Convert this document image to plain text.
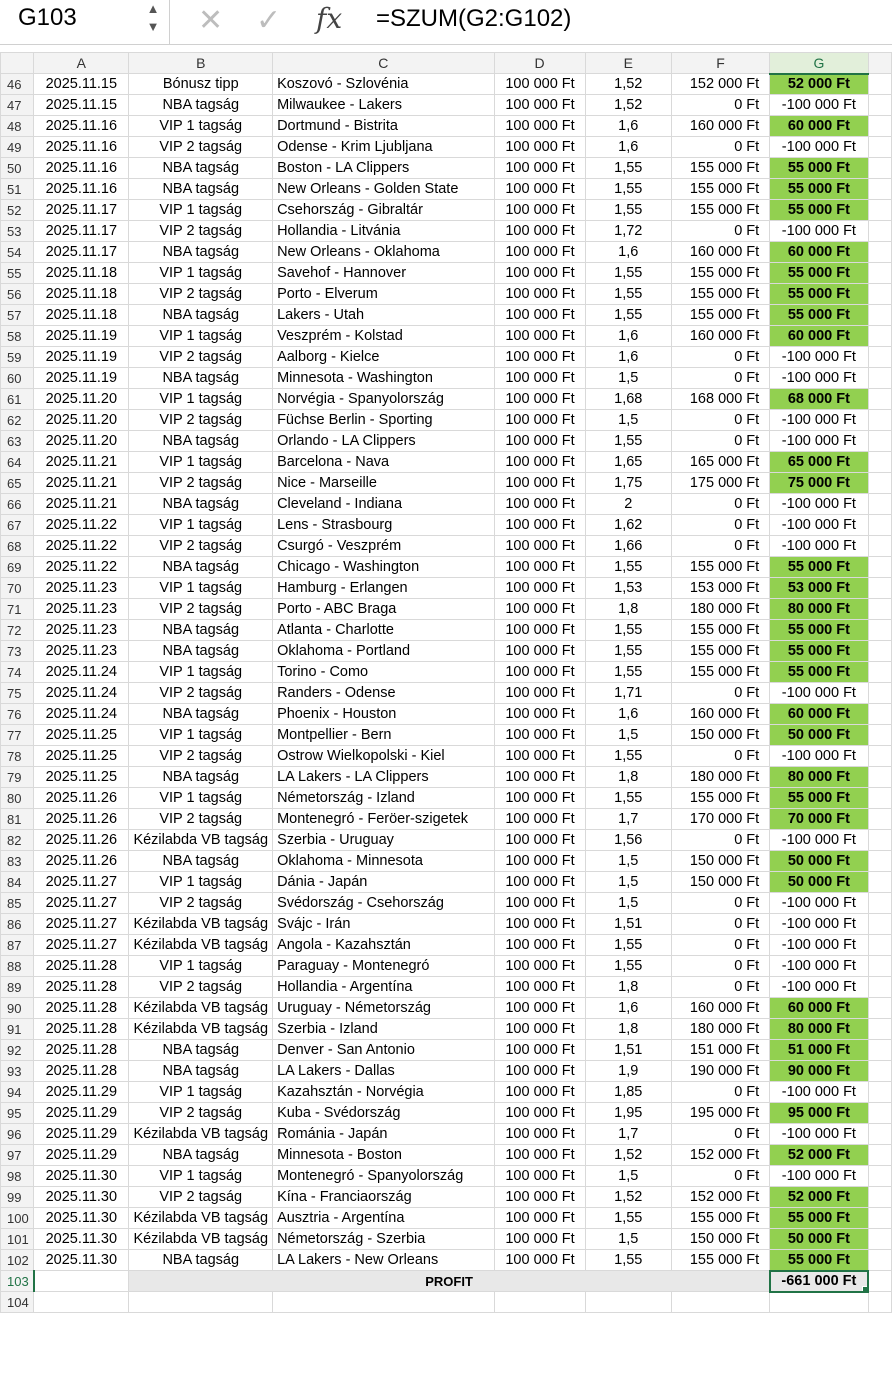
G103	▲
▼ ✕ ✓ fx =SZUM(G2:G102)
	A	B	C	D	E	F	G	
46	2025.11.15	Bónusz tipp	Koszovó - Szlovénia	100 000 Ft	1,52	152 000 Ft	52 000 Ft	
47	2025.11.15	NBA tagság	Milwaukee - Lakers	100 000 Ft	1,52	0 Ft	-100 000 Ft	
48	2025.11.16	VIP 1 tagság	Dortmund - Bistrita	100 000 Ft	1,6	160 000 Ft	60 000 Ft	
49	2025.11.16	VIP 2 tagság	Odense - Krim Ljubljana	100 000 Ft	1,6	0 Ft	-100 000 Ft	
50	2025.11.16	NBA tagság	Boston - LA Clippers	100 000 Ft	1,55	155 000 Ft	55 000 Ft	
51	2025.11.16	NBA tagság	New Orleans - Golden State	100 000 Ft	1,55	155 000 Ft	55 000 Ft	
52	2025.11.17	VIP 1 tagság	Csehország - Gibraltár	100 000 Ft	1,55	155 000 Ft	55 000 Ft	
53	2025.11.17	VIP 2 tagság	Hollandia - Litvánia	100 000 Ft	1,72	0 Ft	-100 000 Ft	
54	2025.11.17	NBA tagság	New Orleans - Oklahoma	100 000 Ft	1,6	160 000 Ft	60 000 Ft	
55	2025.11.18	VIP 1 tagság	Savehof - Hannover	100 000 Ft	1,55	155 000 Ft	55 000 Ft	
56	2025.11.18	VIP 2 tagság	Porto - Elverum	100 000 Ft	1,55	155 000 Ft	55 000 Ft	
57	2025.11.18	NBA tagság	Lakers - Utah	100 000 Ft	1,55	155 000 Ft	55 000 Ft	
58	2025.11.19	VIP 1 tagság	Veszprém - Kolstad	100 000 Ft	1,6	160 000 Ft	60 000 Ft	
59	2025.11.19	VIP 2 tagság	Aalborg - Kielce	100 000 Ft	1,6	0 Ft	-100 000 Ft	
60	2025.11.19	NBA tagság	Minnesota - Washington	100 000 Ft	1,5	0 Ft	-100 000 Ft	
61	2025.11.20	VIP 1 tagság	Norvégia - Spanyolország	100 000 Ft	1,68	168 000 Ft	68 000 Ft	
62	2025.11.20	VIP 2 tagság	Füchse Berlin - Sporting	100 000 Ft	1,5	0 Ft	-100 000 Ft	
63	2025.11.20	NBA tagság	Orlando - LA Clippers	100 000 Ft	1,55	0 Ft	-100 000 Ft	
64	2025.11.21	VIP 1 tagság	Barcelona - Nava	100 000 Ft	1,65	165 000 Ft	65 000 Ft	
65	2025.11.21	VIP 2 tagság	Nice - Marseille	100 000 Ft	1,75	175 000 Ft	75 000 Ft	
66	2025.11.21	NBA tagság	Cleveland - Indiana	100 000 Ft	2	0 Ft	-100 000 Ft	
67	2025.11.22	VIP 1 tagság	Lens - Strasbourg	100 000 Ft	1,62	0 Ft	-100 000 Ft	
68	2025.11.22	VIP 2 tagság	Csurgó - Veszprém	100 000 Ft	1,66	0 Ft	-100 000 Ft	
69	2025.11.22	NBA tagság	Chicago - Washington	100 000 Ft	1,55	155 000 Ft	55 000 Ft	
70	2025.11.23	VIP 1 tagság	Hamburg - Erlangen	100 000 Ft	1,53	153 000 Ft	53 000 Ft	
71	2025.11.23	VIP 2 tagság	Porto - ABC Braga	100 000 Ft	1,8	180 000 Ft	80 000 Ft	
72	2025.11.23	NBA tagság	Atlanta - Charlotte	100 000 Ft	1,55	155 000 Ft	55 000 Ft	
73	2025.11.23	NBA tagság	Oklahoma - Portland	100 000 Ft	1,55	155 000 Ft	55 000 Ft	
74	2025.11.24	VIP 1 tagság	Torino - Como	100 000 Ft	1,55	155 000 Ft	55 000 Ft	
75	2025.11.24	VIP 2 tagság	Randers - Odense	100 000 Ft	1,71	0 Ft	-100 000 Ft	
76	2025.11.24	NBA tagság	Phoenix - Houston	100 000 Ft	1,6	160 000 Ft	60 000 Ft	
77	2025.11.25	VIP 1 tagság	Montpellier - Bern	100 000 Ft	1,5	150 000 Ft	50 000 Ft	
78	2025.11.25	VIP 2 tagság	Ostrow Wielkopolski - Kiel	100 000 Ft	1,55	0 Ft	-100 000 Ft	
79	2025.11.25	NBA tagság	LA Lakers - LA Clippers	100 000 Ft	1,8	180 000 Ft	80 000 Ft	
80	2025.11.26	VIP 1 tagság	Németország - Izland	100 000 Ft	1,55	155 000 Ft	55 000 Ft	
81	2025.11.26	VIP 2 tagság	Montenegró - Feröer-szigetek	100 000 Ft	1,7	170 000 Ft	70 000 Ft	
82	2025.11.26	Kézilabda VB tagság	Szerbia - Uruguay	100 000 Ft	1,56	0 Ft	-100 000 Ft	
83	2025.11.26	NBA tagság	Oklahoma - Minnesota	100 000 Ft	1,5	150 000 Ft	50 000 Ft	
84	2025.11.27	VIP 1 tagság	Dánia - Japán	100 000 Ft	1,5	150 000 Ft	50 000 Ft	
85	2025.11.27	VIP 2 tagság	Svédország - Csehország	100 000 Ft	1,5	0 Ft	-100 000 Ft	
86	2025.11.27	Kézilabda VB tagság	Svájc - Irán	100 000 Ft	1,51	0 Ft	-100 000 Ft	
87	2025.11.27	Kézilabda VB tagság	Angola - Kazahsztán	100 000 Ft	1,55	0 Ft	-100 000 Ft	
88	2025.11.28	VIP 1 tagság	Paraguay - Montenegró	100 000 Ft	1,55	0 Ft	-100 000 Ft	
89	2025.11.28	VIP 2 tagság	Hollandia - Argentína	100 000 Ft	1,8	0 Ft	-100 000 Ft	
90	2025.11.28	Kézilabda VB tagság	Uruguay - Németország	100 000 Ft	1,6	160 000 Ft	60 000 Ft	
91	2025.11.28	Kézilabda VB tagság	Szerbia - Izland	100 000 Ft	1,8	180 000 Ft	80 000 Ft	
92	2025.11.28	NBA tagság	Denver - San Antonio	100 000 Ft	1,51	151 000 Ft	51 000 Ft	
93	2025.11.28	NBA tagság	LA Lakers - Dallas	100 000 Ft	1,9	190 000 Ft	90 000 Ft	
94	2025.11.29	VIP 1 tagság	Kazahsztán - Norvégia	100 000 Ft	1,85	0 Ft	-100 000 Ft	
95	2025.11.29	VIP 2 tagság	Kuba - Svédország	100 000 Ft	1,95	195 000 Ft	95 000 Ft	
96	2025.11.29	Kézilabda VB tagság	Románia - Japán	100 000 Ft	1,7	0 Ft	-100 000 Ft	
97	2025.11.29	NBA tagság	Minnesota - Boston	100 000 Ft	1,52	152 000 Ft	52 000 Ft	
98	2025.11.30	VIP 1 tagság	Montenegró - Spanyolország	100 000 Ft	1,5	0 Ft	-100 000 Ft	
99	2025.11.30	VIP 2 tagság	Kína - Franciaország	100 000 Ft	1,52	152 000 Ft	52 000 Ft	
100	2025.11.30	Kézilabda VB tagság	Ausztria - Argentína	100 000 Ft	1,55	155 000 Ft	55 000 Ft	
101	2025.11.30	Kézilabda VB tagság	Németország - Szerbia	100 000 Ft	1,5	150 000 Ft	50 000 Ft	
102	2025.11.30	NBA tagság	LA Lakers - New Orleans	100 000 Ft	1,55	155 000 Ft	55 000 Ft	
103		PROFIT					-661 000 Ft

104								
